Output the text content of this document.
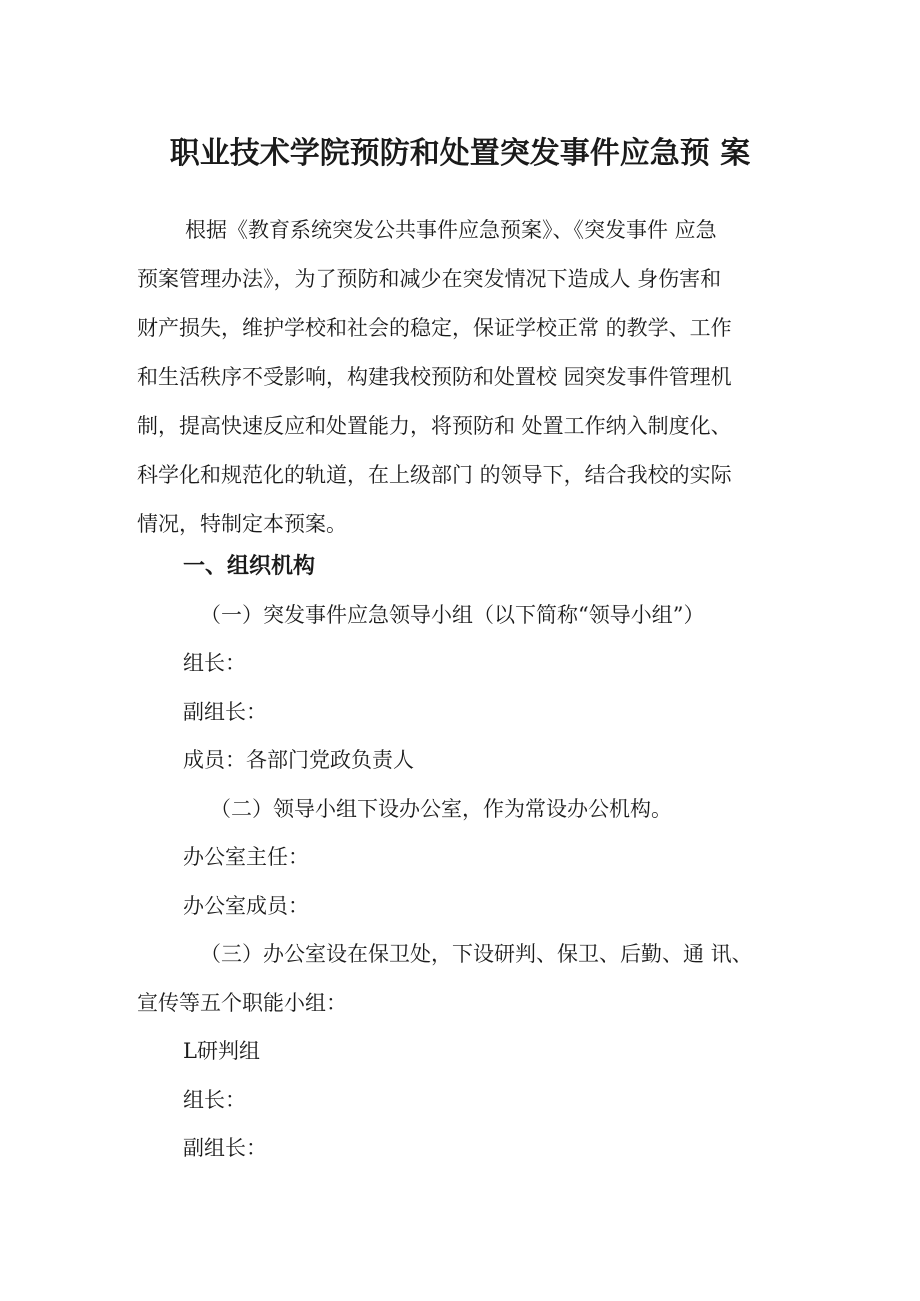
职业技术学院预防和处置突发事件应急预 案
根据《教育系统突发公共事件应急预案》、《突发事件 应急
预案管理办法》，为了预防和减少在突发情况下造成人 身伤害和
财产损失，维护学校和社会的稳定，保证学校正常 的教学、工作
和生活秩序不受影响，构建我校预防和处置校 园突发事件管理机
制，提高快速反应和处置能力，将预防和 处置工作纳入制度化、
科学化和规范化的轨道，在上级部门 的领导下，结合我校的实际
情况，特制定本预案。
一、组织机构
（一）突发事件应急领导小组（以下简称“领导小组”）
组长：
副组长：
成员：各部门党政负责人
（二）领导小组下设办公室，作为常设办公机构。
办公室主任：
办公室成员：
（三）办公室设在保卫处，下设研判、保卫、后勤、通 讯、
宣传等五个职能小组：
L研判组
组长：
副组长：
